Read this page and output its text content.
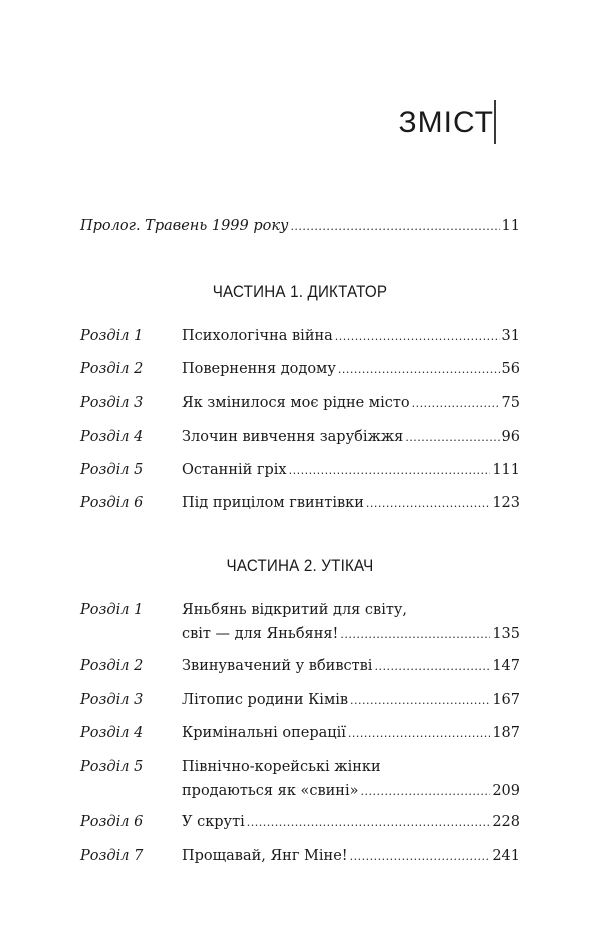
ЗМІСТ
Пролог. Травень 1999 року .....	11
ЧАСТИНА 1. ДИКТАТОР
Розділ 1	Психологічна війна .....	31
Розділ 2	Повернення додому .....	56
Розділ 3	Як змінилося моє рідне місто .....	75
Розділ 4	Злочин вивчення зарубіжжя .....	96
Розділ 5	Останній гріх .....	111
Розділ 6	Під прицілом гвинтівки .....	123
ЧАСТИНА 2. УТІКАЧ
Розділ 1	Яньбянь відкритий для світу,
світ — для Яньбяня! .....	135
Розділ 2	Звинувачений у вбивстві .....	147
Розділ 3	Літопис родини Кімів .....	167
Розділ 4	Кримінальні операції .....	187
Розділ 5	Північно-корейські жінки
продаються як «свині» .....	209
Розділ 6	У скруті .....	228
Розділ 7	Прощавай, Янг Міне! .....	241
